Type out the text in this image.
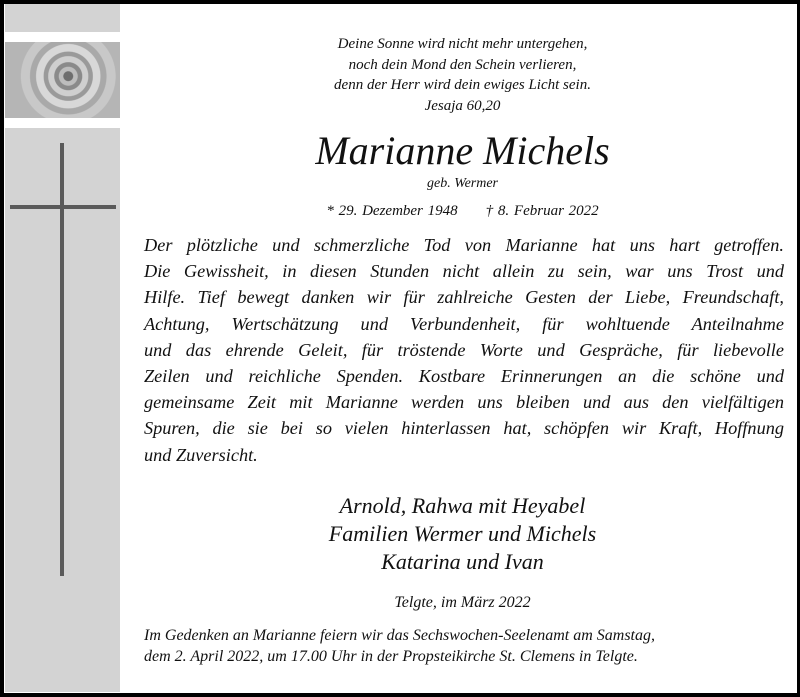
Deine Sonne wird nicht mehr untergehen,
noch dein Mond den Schein verlieren,
denn der Herr wird dein ewiges Licht sein.
Jesaja 60,20
Marianne Michels
geb. Wermer
* 29. Dezember 1948 † 8. Februar 2022
Der plötzliche und schmerzliche Tod von Marianne hat uns hart getroffen.
Die Gewissheit, in diesen Stunden nicht allein zu sein, war uns Trost und
Hilfe. Tief bewegt danken wir für zahlreiche Gesten der Liebe, Freundschaft,
Achtung, Wertschätzung und Verbundenheit, für wohltuende Anteilnahme
und das ehrende Geleit, für tröstende Worte und Gespräche, für liebevolle
Zeilen und reichliche Spenden. Kostbare Erinnerungen an die schöne und
gemeinsame Zeit mit Marianne werden uns bleiben und aus den vielfältigen
Spuren, die sie bei so vielen hinterlassen hat, schöpfen wir Kraft, Hoffnung
und Zuversicht.
Arnold, Rahwa mit Heyabel
Familien Wermer und Michels
Katarina und Ivan
Telgte, im März 2022
Im Gedenken an Marianne feiern wir das Sechswochen-Seelenamt am Samstag,
dem 2. April 2022, um 17.00 Uhr in der Propsteikirche St. Clemens in Telgte.
